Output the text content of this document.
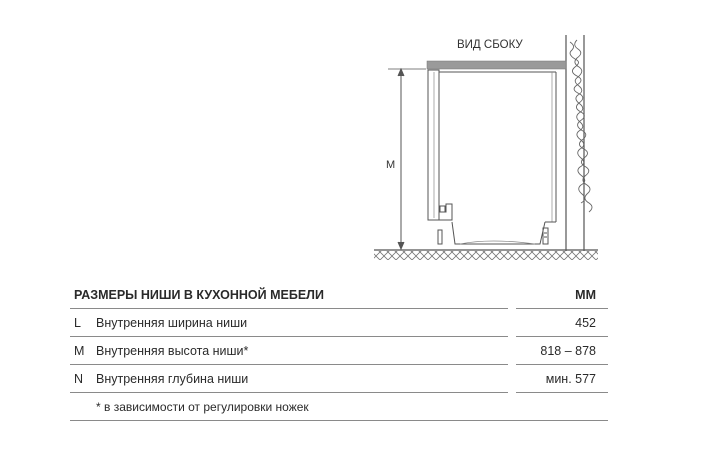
ВИД СБОКУ
M
РАЗМЕРЫ НИШИ В КУХОННОЙ МЕБЕЛИ	ММ
L Внутренняя ширина ниши	452
M Внутренняя высота ниши*	818 – 878
N Внутренняя глубина ниши	мин. 577
* в зависимости от регулировки ножек
